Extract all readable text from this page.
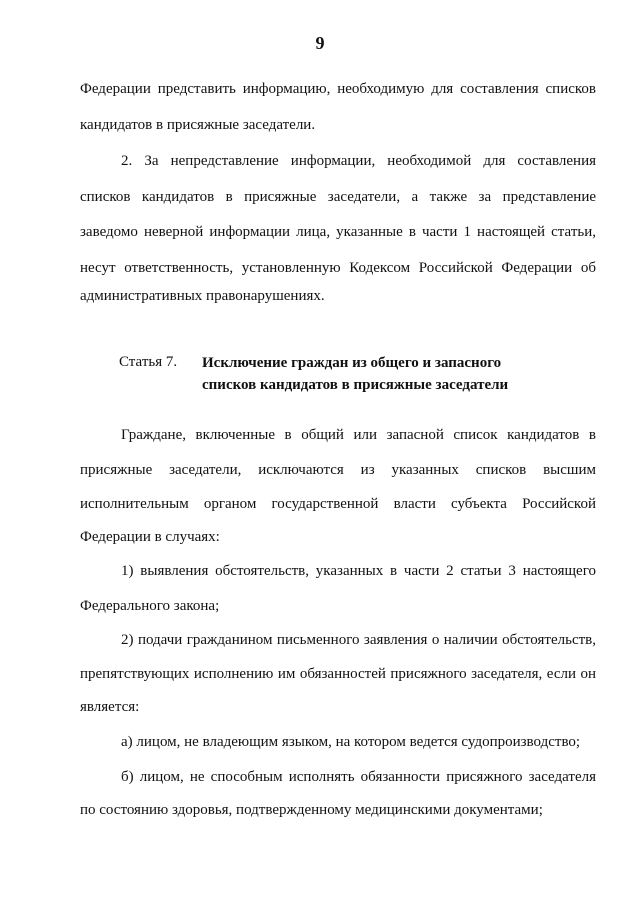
9
Федерации представить информацию, необходимую для составления списков
кандидатов в присяжные заседатели.
2. За непредставление информации, необходимой для составления
списков кандидатов в присяжные заседатели, а также за представление
заведомо неверной информации лица, указанные в части 1 настоящей статьи,
несут ответственность, установленную Кодексом Российской Федерации об
административных правонарушениях.
Статья 7. Исключение граждан из общего и запасного
списков кандидатов в присяжные заседатели
Граждане, включенные в общий или запасной список кандидатов в
присяжные заседатели, исключаются из указанных списков высшим
исполнительным органом государственной власти субъекта Российской
Федерации в случаях:
1) выявления обстоятельств, указанных в части 2 статьи 3 настоящего
Федерального закона;
2) подачи гражданином письменного заявления о наличии обстоятельств,
препятствующих исполнению им обязанностей присяжного заседателя, если он
является:
а) лицом, не владеющим языком, на котором ведется судопроизводство;
б) лицом, не способным исполнять обязанности присяжного заседателя
по состоянию здоровья, подтвержденному медицинскими документами;
